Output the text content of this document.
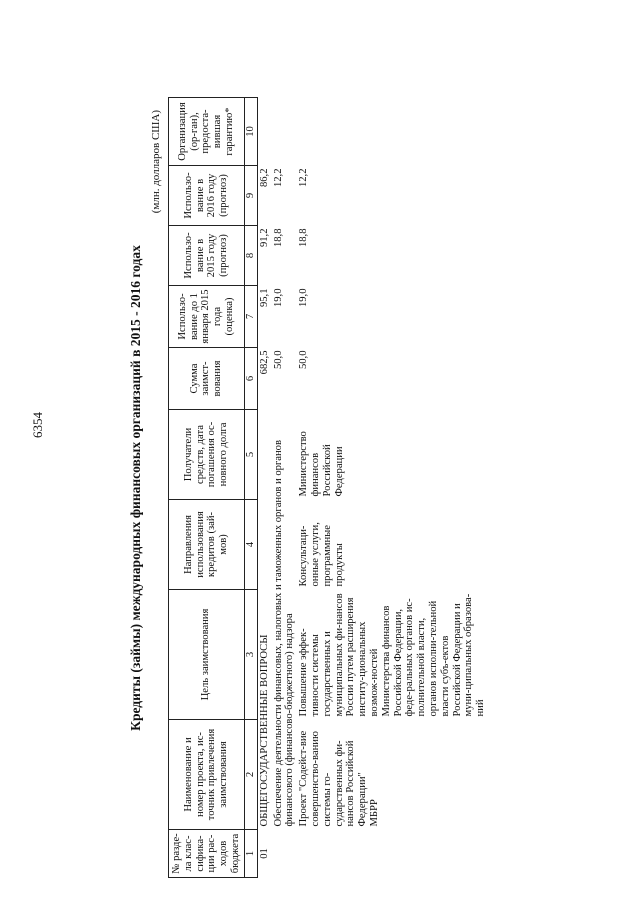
6354	Кредиты (займы) международных финансовых организаций в 2015 - 2016 годах
(млн. долларов США)
№ разде-ла клас-сифика-ции рас-ходов бюджета	Наименование и номер проекта, ис-точник привлечения заимствования	Цель заимствования	Направления использования кредитов (зай-мов)	Получатели средств, дата погашения ос-новного долга	Сумма заимст-вования	Использо-вание до 1 января 2015 года (оценка)	Использо-вание в 2015 году (прогноз)	Использо-вание в 2016 году (прогноз)	Организация (ор-ган), предоста-вившая гарантию*
1	2	3	4	5	6	7	8	9	10
01	ОБЩЕГОСУДАРСТВЕННЫЕ ВОПРОСЫ				682,5	95,1	91,2	86,2	
	Обеспечение деятельности финансовых, налоговых и таможенных органов и органов финансового (финансово-бюджетного) надзора				50,0	19,0	18,8	12,2	

	Проект "Содейст-вие совершенство-ванию системы го-сударственных фи-нансов Российской Федерации" МБРР	Повышение эффек-тивности системы государственных и муниципальных фи-нансов России путем расширения институ-циональных возмож-ностей Министерства финансов Российской Федерации, феде-ральных органов ис-полнительной власти, органов исполни-тельной власти субъ-ектов Российской Федерации и муни-ципальных образова-ний	Консультаци-онные услуги, программные продукты	Министерство финансов Российской Федерации	50,0	19,0	18,8	12,2	
